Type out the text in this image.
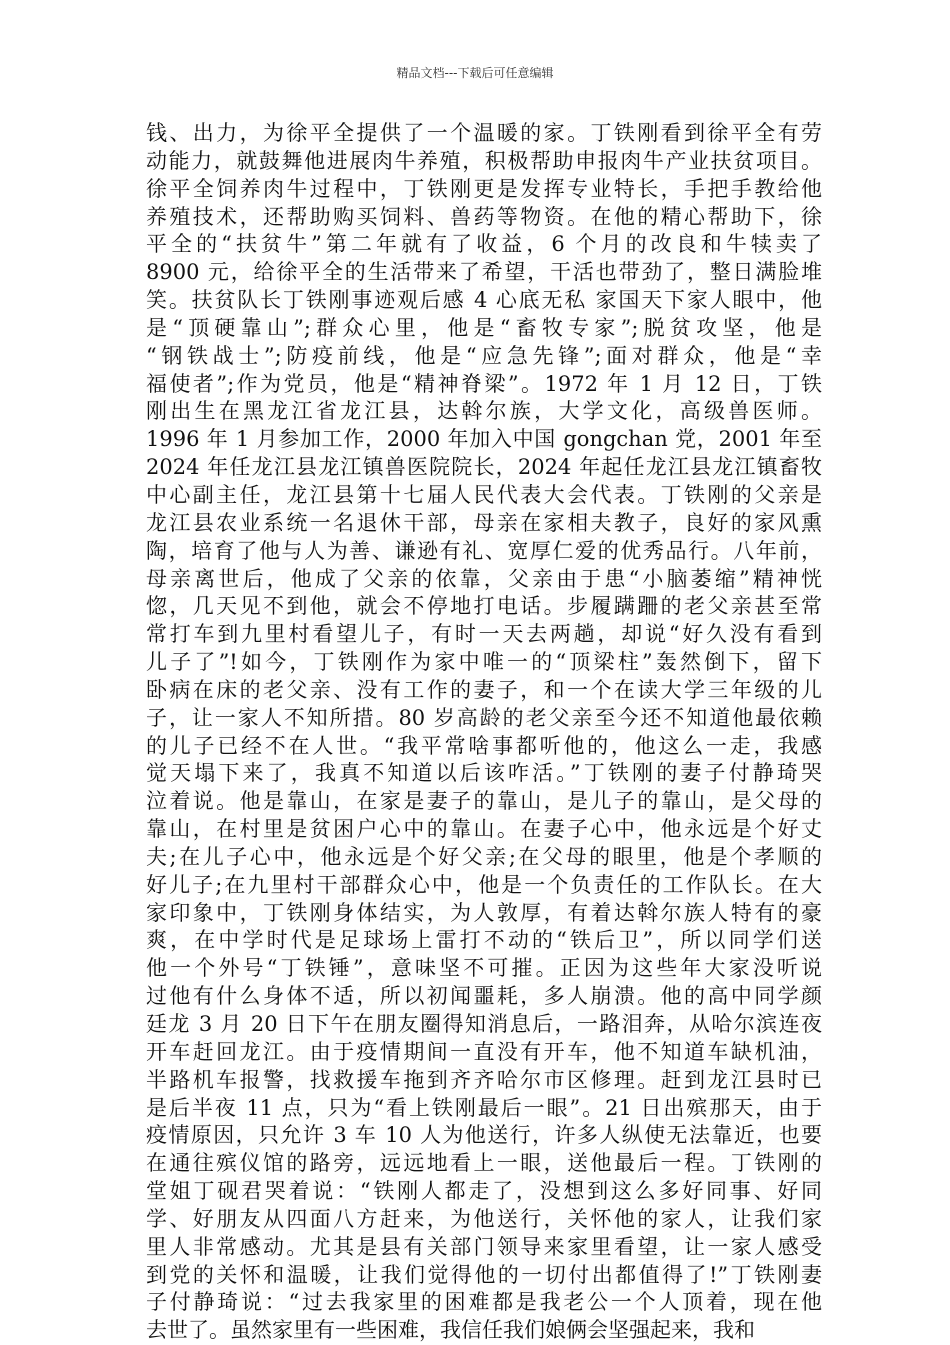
精品文档---下载后可任意编辑
钱、出力，为徐平全提供了一个温暖的家。丁铁刚看到徐平全有劳
动能力，就鼓舞他进展肉牛养殖，积极帮助申报肉牛产业扶贫项目。
徐平全饲养肉牛过程中，丁铁刚更是发挥专业特长，手把手教给他
养殖技术，还帮助购买饲料、兽药等物资。在他的精心帮助下，徐
平全的“扶贫牛”第二年就有了收益，6 个月的改良和牛犊卖了
8900 元，给徐平全的生活带来了希望，干活也带劲了，整日满脸堆
笑。扶贫队长丁铁刚事迹观后感 4 心底无私 家国天下家人眼中，他
是“顶硬靠山”;群众心里，他是“畜牧专家”;脱贫攻坚，他是
“钢铁战士”;防疫前线，他是“应急先锋”;面对群众，他是“幸
福使者”;作为党员，他是“精神脊梁”。1972 年 1 月 12 日，丁铁
刚出生在黑龙江省龙江县，达斡尔族，大学文化，高级兽医师。
1996 年 1 月参加工作，2000 年加入中国 gongchan 党，2001 年至
2024 年任龙江县龙江镇兽医院院长，2024 年起任龙江县龙江镇畜牧
中心副主任，龙江县第十七届人民代表大会代表。丁铁刚的父亲是
龙江县农业系统一名退休干部，母亲在家相夫教子，良好的家风熏
陶，培育了他与人为善、谦逊有礼、宽厚仁爱的优秀品行。八年前，
母亲离世后，他成了父亲的依靠，父亲由于患“小脑萎缩”精神恍
惚，几天见不到他，就会不停地打电话。步履蹒跚的老父亲甚至常
常打车到九里村看望儿子，有时一天去两趟，却说“好久没有看到
儿子了”!如今，丁铁刚作为家中唯一的“顶梁柱”轰然倒下，留下
卧病在床的老父亲、没有工作的妻子，和一个在读大学三年级的儿
子，让一家人不知所措。80 岁高龄的老父亲至今还不知道他最依赖
的儿子已经不在人世。“我平常啥事都听他的，他这么一走，我感
觉天塌下来了，我真不知道以后该咋活。”丁铁刚的妻子付静琦哭
泣着说。他是靠山，在家是妻子的靠山，是儿子的靠山，是父母的
靠山，在村里是贫困户心中的靠山。在妻子心中，他永远是个好丈
夫;在儿子心中，他永远是个好父亲;在父母的眼里，他是个孝顺的
好儿子;在九里村干部群众心中，他是一个负责任的工作队长。在大
家印象中，丁铁刚身体结实，为人敦厚，有着达斡尔族人特有的豪
爽，在中学时代是足球场上雷打不动的“铁后卫”，所以同学们送
他一个外号“丁铁锤”，意味坚不可摧。正因为这些年大家没听说
过他有什么身体不适，所以初闻噩耗，多人崩溃。他的高中同学颜
廷龙 3 月 20 日下午在朋友圈得知消息后，一路泪奔，从哈尔滨连夜
开车赶回龙江。由于疫情期间一直没有开车，他不知道车缺机油，
半路机车报警，找救援车拖到齐齐哈尔市区修理。赶到龙江县时已
是后半夜 11 点，只为“看上铁刚最后一眼”。21 日出殡那天，由于
疫情原因，只允许 3 车 10 人为他送行，许多人纵使无法靠近，也要
在通往殡仪馆的路旁，远远地看上一眼，送他最后一程。丁铁刚的
堂姐丁砚君哭着说：“铁刚人都走了，没想到这么多好同事、好同
学、好朋友从四面八方赶来，为他送行，关怀他的家人，让我们家
里人非常感动。尤其是县有关部门领导来家里看望，让一家人感受
到党的关怀和温暖，让我们觉得他的一切付出都值得了!”丁铁刚妻
子付静琦说：“过去我家里的困难都是我老公一个人顶着，现在他
去世了。虽然家里有一些困难，我信任我们娘俩会坚强起来，我和
